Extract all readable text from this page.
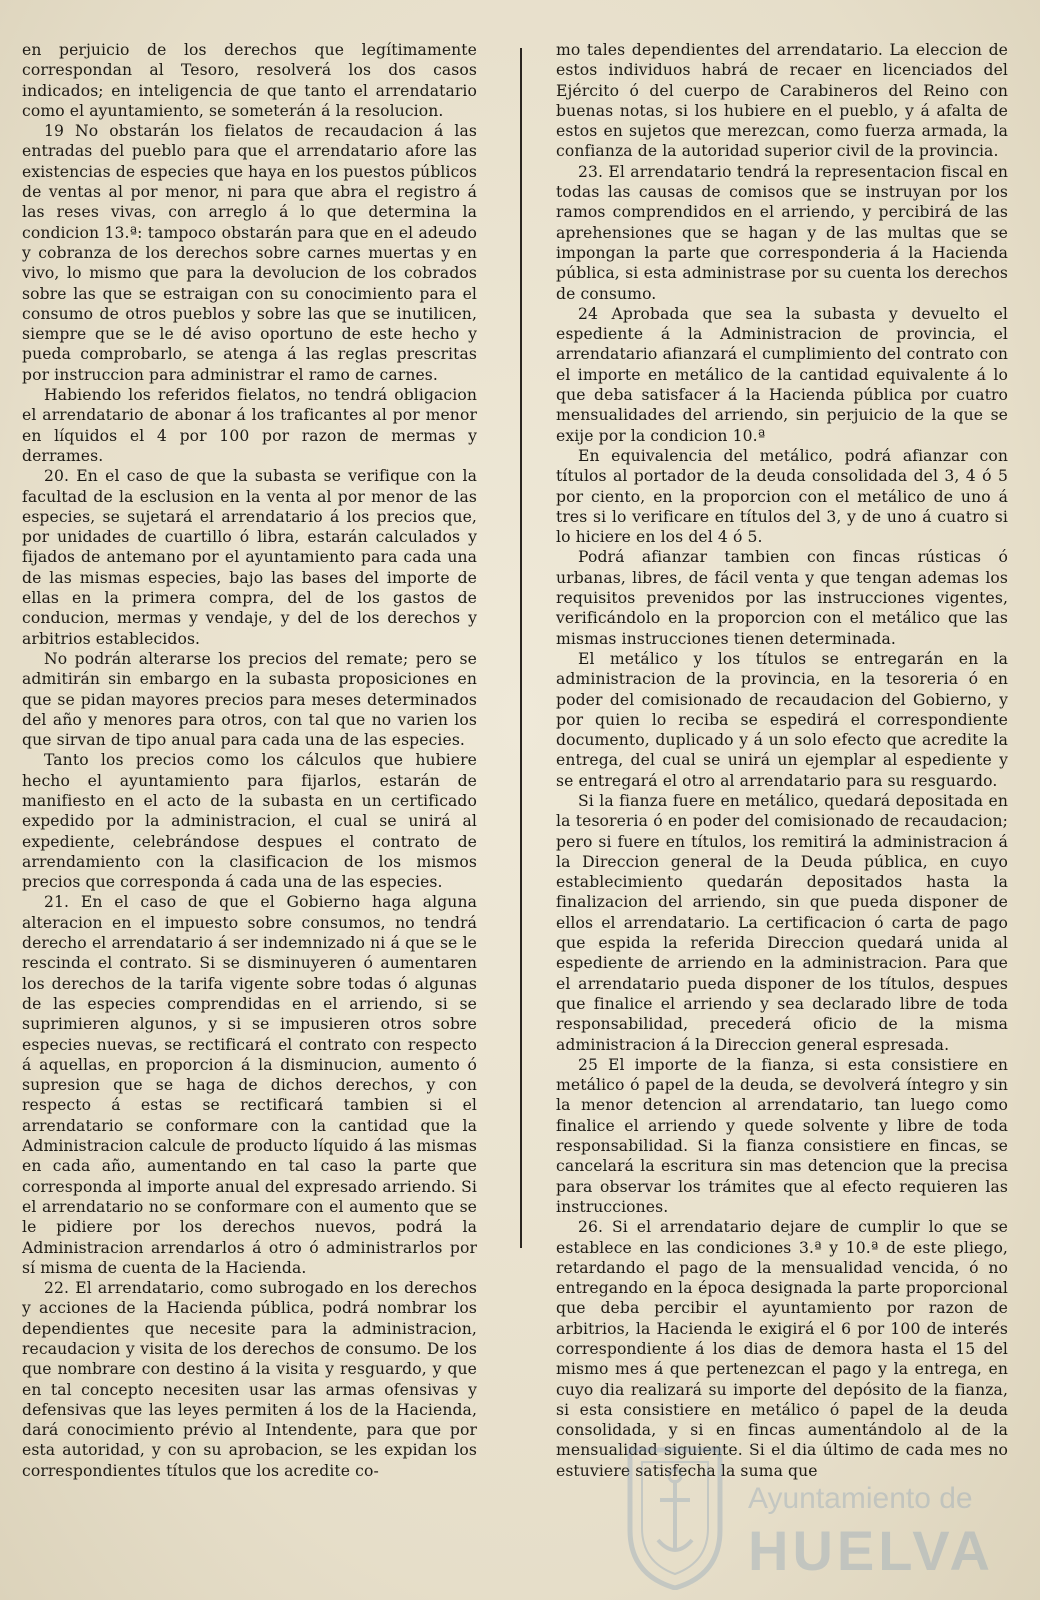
en perjuicio de los derechos que legítimamente correspondan al Tesoro, resolverá los dos casos indicados; en inteligencia de que tanto el arrendatario como el ayuntamiento, se someterán á la resolucion.

19 No obstarán los fielatos de recaudacion á las entradas del pueblo para que el arrendatario afore las existencias de especies que haya en los puestos públicos de ventas al por menor, ni para que abra el registro á las reses vivas, con arreglo á lo que determina la condicion 13.ª: tampoco obstarán para que en el adeudo y cobranza de los derechos sobre carnes muertas y en vivo, lo mismo que para la devolucion de los cobrados sobre las que se estraigan con su conocimiento para el consumo de otros pueblos y sobre las que se inutilicen, siempre que se le dé aviso oportuno de este hecho y pueda comprobarlo, se atenga á las reglas prescritas por instruccion para administrar el ramo de carnes.

Habiendo los referidos fielatos, no tendrá obligacion el arrendatario de abonar á los traficantes al por menor en líquidos el 4 por 100 por razon de mermas y derrames.

20. En el caso de que la subasta se verifique con la facultad de la esclusion en la venta al por menor de las especies, se sujetará el arrendatario á los precios que, por unidades de cuartillo ó libra, estarán calculados y fijados de antemano por el ayuntamiento para cada una de las mismas especies, bajo las bases del importe de ellas en la primera compra, del de los gastos de conducion, mermas y vendaje, y del de los derechos y arbitrios establecidos.

No podrán alterarse los precios del remate; pero se admitirán sin embargo en la subasta proposiciones en que se pidan mayores precios para meses determinados del año y menores para otros, con tal que no varien los que sirvan de tipo anual para cada una de las especies.

Tanto los precios como los cálculos que hubiere hecho el ayuntamiento para fijarlos, estarán de manifiesto en el acto de la subasta en un certificado expedido por la administracion, el cual se unirá al expediente, celebrándose despues el contrato de arrendamiento con la clasificacion de los mismos precios que corresponda á cada una de las especies.

21. En el caso de que el Gobierno haga alguna alteracion en el impuesto sobre consumos, no tendrá derecho el arrendatario á ser indemnizado ni á que se le rescinda el contrato. Si se disminuyeren ó aumentaren los derechos de la tarifa vigente sobre todas ó algunas de las especies comprendidas en el arriendo, si se suprimieren algunos, y si se impusieren otros sobre especies nuevas, se rectificará el contrato con respecto á aquellas, en proporcion á la disminucion, aumento ó supresion que se haga de dichos derechos, y con respecto á estas se rectificará tambien si el arrendatario se conformare con la cantidad que la Administracion calcule de producto líquido á las mismas en cada año, aumentando en tal caso la parte que corresponda al importe anual del expresado arriendo. Si el arrendatario no se conformare con el aumento que se le pidiere por los derechos nuevos, podrá la Administracion arrendarlos á otro ó administrarlos por sí misma de cuenta de la Hacienda.

22. El arrendatario, como subrogado en los derechos y acciones de la Hacienda pública, podrá nombrar los dependientes que necesite para la administracion, recaudacion y visita de los derechos de consumo. De los que nombrare con destino á la visita y resguardo, y que en tal concepto necesiten usar las armas ofensivas y defensivas que las leyes permiten á los de la Hacienda, dará conocimiento prévio al Intendente, para que por esta autoridad, y con su aprobacion, se les expidan los correspondientes títulos que los acredite co-

mo tales dependientes del arrendatario. La eleccion de estos individuos habrá de recaer en licenciados del Ejército ó del cuerpo de Carabineros del Reino con buenas notas, si los hubiere en el pueblo, y á afalta de estos en sujetos que merezcan, como fuerza armada, la confianza de la autoridad superior civil de la provincia.

23. El arrendatario tendrá la representacion fiscal en todas las causas de comisos que se instruyan por los ramos comprendidos en el arriendo, y percibirá de las aprehensiones que se hagan y de las multas que se impongan la parte que corresponderia á la Hacienda pública, si esta administrase por su cuenta los derechos de consumo.

24 Aprobada que sea la subasta y devuelto el espediente á la Administracion de provincia, el arrendatario afianzará el cumplimiento del contrato con el importe en metálico de la cantidad equivalente á lo que deba satisfacer á la Hacienda pública por cuatro mensualidades del arriendo, sin perjuicio de la que se exije por la condicion 10.ª

En equivalencia del metálico, podrá afianzar con títulos al portador de la deuda consolidada del 3, 4 ó 5 por ciento, en la proporcion con el metálico de uno á tres si lo verificare en títulos del 3, y de uno á cuatro si lo hiciere en los del 4 ó 5.

Podrá afianzar tambien con fincas rústicas ó urbanas, libres, de fácil venta y que tengan ademas los requisitos prevenidos por las instrucciones vigentes, verificándolo en la proporcion con el metálico que las mismas instrucciones tienen determinada.

El metálico y los títulos se entregarán en la administracion de la provincia, en la tesoreria ó en poder del comisionado de recaudacion del Gobierno, y por quien lo reciba se espedirá el correspondiente documento, duplicado y á un solo efecto que acredite la entrega, del cual se unirá un ejemplar al espediente y se entregará el otro al arrendatario para su resguardo.

Si la fianza fuere en metálico, quedará depositada en la tesoreria ó en poder del comisionado de recaudacion; pero si fuere en títulos, los remitirá la administracion á la Direccion general de la Deuda pública, en cuyo establecimiento quedarán depositados hasta la finalizacion del arriendo, sin que pueda disponer de ellos el arrendatario. La certificacion ó carta de pago que espida la referida Direccion quedará unida al espediente de arriendo en la administracion. Para que el arrendatario pueda disponer de los títulos, despues que finalice el arriendo y sea declarado libre de toda responsabilidad, precederá oficio de la misma administracion á la Direccion general espresada.

25 El importe de la fianza, si esta consistiere en metálico ó papel de la deuda, se devolverá íntegro y sin la menor detencion al arrendatario, tan luego como finalice el arriendo y quede solvente y libre de toda responsabilidad. Si la fianza consistiere en fincas, se cancelará la escritura sin mas detencion que la precisa para observar los trámites que al efecto requieren las instrucciones.

26. Si el arrendatario dejare de cumplir lo que se establece en las condiciones 3.ª y 10.ª de este pliego, retardando el pago de la mensualidad vencida, ó no entregando en la época designada la parte proporcional que deba percibir el ayuntamiento por razon de arbitrios, la Hacienda le exigirá el 6 por 100 de interés correspondiente á los dias de demora hasta el 15 del mismo mes á que pertenezcan el pago y la entrega, en cuyo dia realizará su importe del depósito de la fianza, si esta consistiere en metálico ó papel de la deuda consolidada, y si en fincas aumentándolo al de la mensualidad siguiente. Si el dia último de cada mes no estuviere satisfecha la suma que

Ayuntamiento de
HUELVA
